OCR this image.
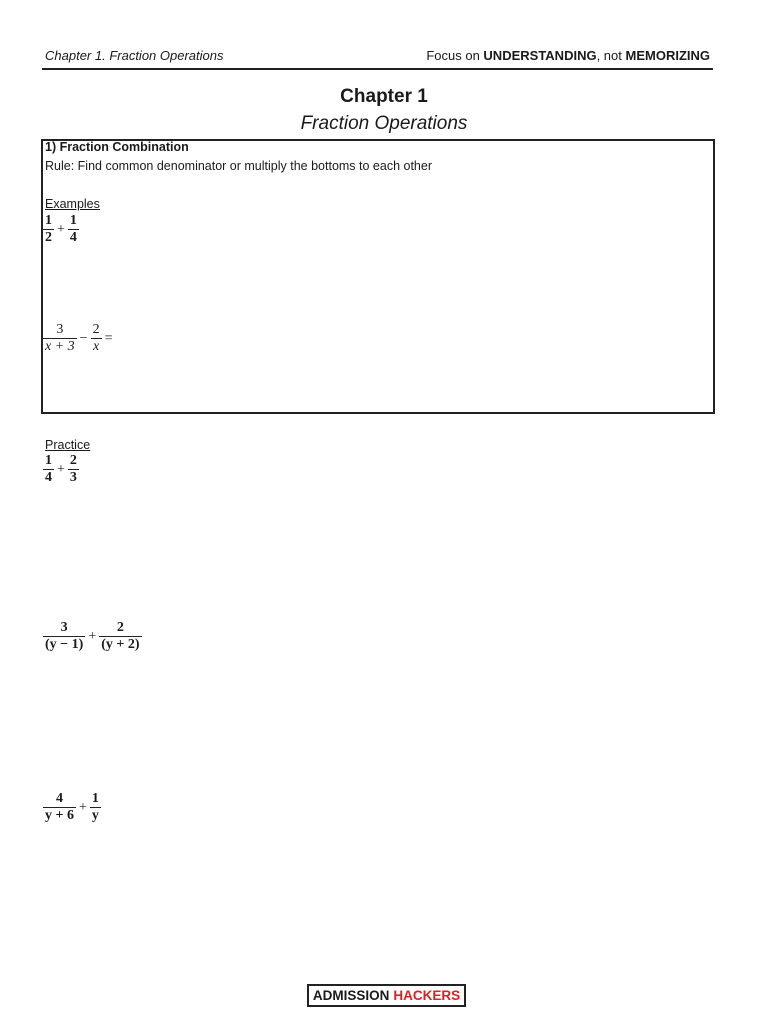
Chapter 1. Fraction Operations	Focus on UNDERSTANDING, not MEMORIZING
Chapter 1
Fraction Operations
1) Fraction Combination
Rule: Find common denominator or multiply the bottoms to each other
Examples
$\frac{1}{2} + \frac{1}{4}$
$\frac{3}{x + 3} - \frac{2}{x}$ =
Practice
$\frac{1}{4} + \frac{2}{3}$
$\frac{3}{(y - 1)} + \frac{2}{(y + 2)}$
$\frac{4}{y + 6} + \frac{1}{y}$
ADMISSION HACKERS
